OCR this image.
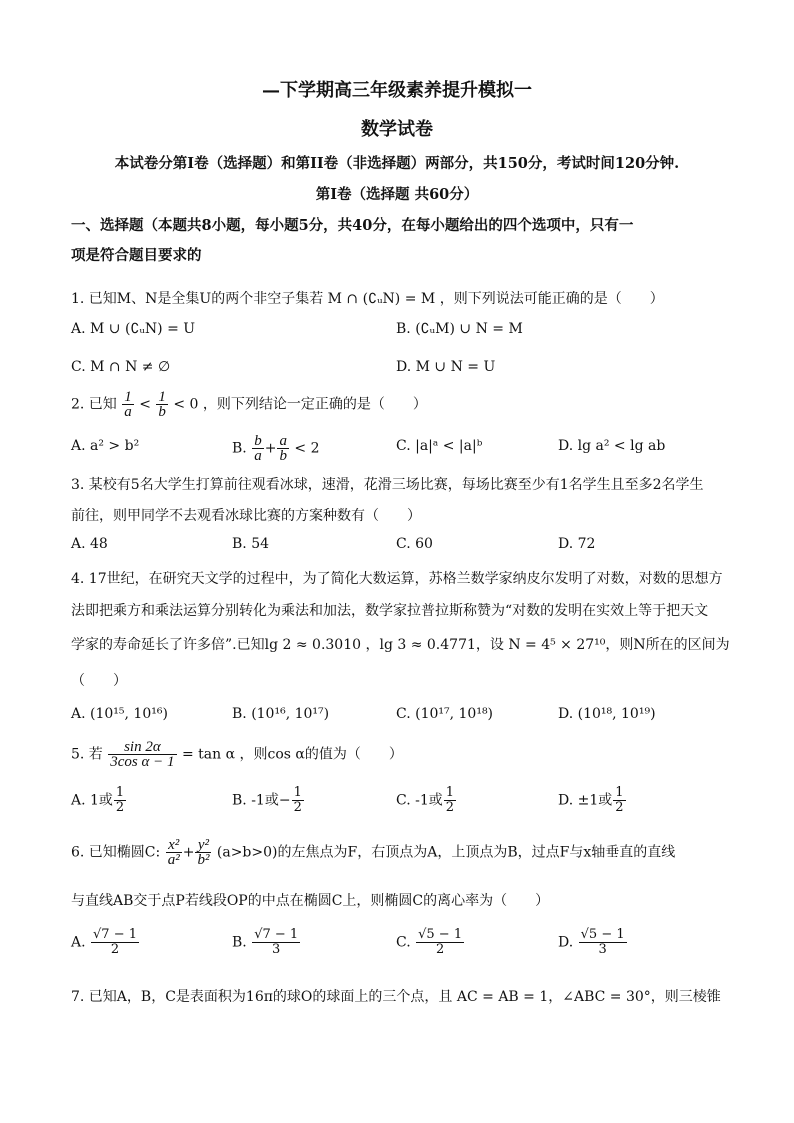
—下学期高三年级素养提升模拟一
数学试卷
本试卷分第I卷（选择题）和第II卷（非选择题）两部分，共150分，考试时间120分钟.
第I卷（选择题 共60分）
一、选择题（本题共8小题，每小题5分，共40分，在每小题给出的四个选项中，只有一
项是符合题目要求的
1. 已知M、N是全集U的两个非空子集若 M ∩ (∁ᵤN) = M ，则下列说法可能正确的是（　　）
A. M ∪ (∁ᵤN) = U	B. (∁ᵤM) ∪ N = M
C. M ∩ N ≠ ∅	D. M ∪ N = U
2. 已知 $\frac{1}{a} < \frac{1}{b} < 0$ ，则下列结论一定正确的是（　　）
A. a² > b²	B. $\frac{b}{a} + \frac{a}{b} < 2$	C. |a|ᵃ < |a|ᵇ	D. lg a² < lg ab
3. 某校有5名大学生打算前往观看冰球，速滑，花滑三场比赛，每场比赛至少有1名学生且至多2名学生
前往，则甲同学不去观看冰球比赛的方案种数有（　　）
A. 48	B. 54	C. 60	D. 72
4. 17世纪，在研究天文学的过程中，为了简化大数运算，苏格兰数学家纳皮尔发明了对数，对数的思想方
法即把乘方和乘法运算分别转化为乘法和加法，数学家拉普拉斯称赞为“对数的发明在实效上等于把天文
学家的寿命延长了许多倍”.已知lg 2 ≈ 0.3010 ，lg 3 ≈ 0.4771，设 N = 4⁵ × 27¹⁰，则N所在的区间为
（　　）
A. (10¹⁵, 10¹⁶)	B. (10¹⁶, 10¹⁷)	C. (10¹⁷, 10¹⁸)	D. (10¹⁸, 10¹⁹)
5. 若 $\frac{\sin 2\alpha}{\text{3cos α − 1}} = \tan \alpha$ ，则cos α的值为（　　）
A. 1或 $\frac{1}{2}$	B. -1或− $\frac{1}{2}$	C. -1或 $\frac{1}{2}$	D. ±1或 $\frac{1}{2}$
6. 已知椭圆C: $\frac{\text{x²}}{\text{a²}} + \frac{\text{y²}}{\text{b²}} (a>b>0)$的左焦点为F，右顶点为A，上顶点为B，过点F与x轴垂直的直线
与直线AB交于点P若线段OP的中点在椭圆C上，则椭圆C的离心率为（　　）
A. $\frac{√7 - 1}{2}$	B. $\frac{√7 - 1}{3}$	C. $\frac{√5 - 1}{2}$	D. $\frac{√5 - 1}{3}$
7. 已知A，B，C是表面积为16π的球O的球面上的三个点，且 AC = AB = 1，∠ABC = 30°，则三棱锥
